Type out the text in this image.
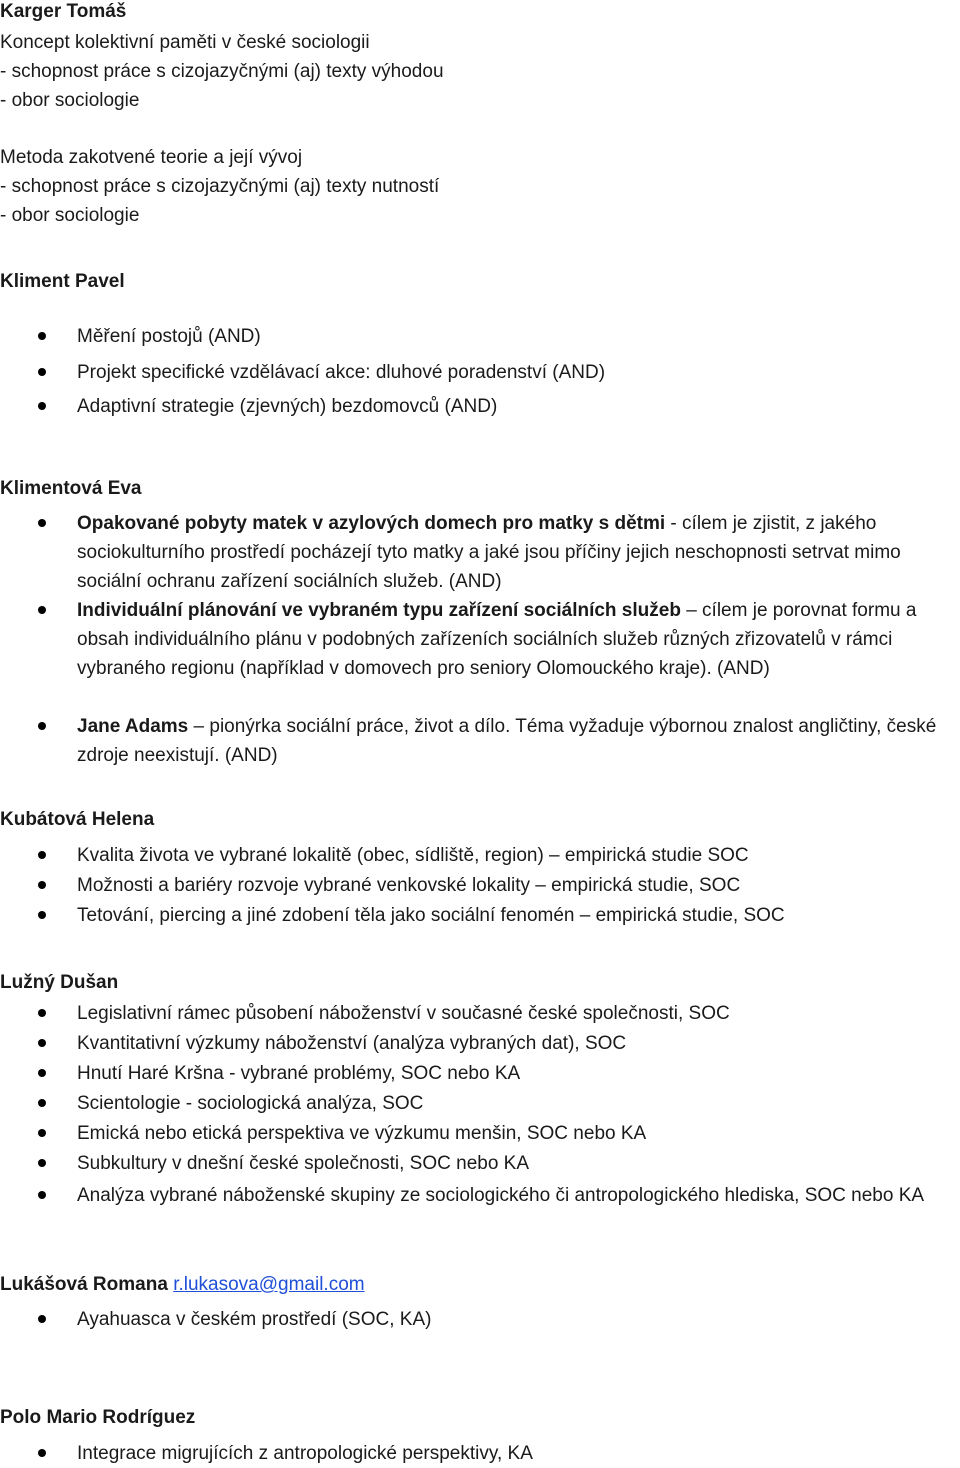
Karger Tomáš
Koncept kolektivní paměti v české sociologii
- schopnost práce s cizojazyčnými (aj) texty výhodou
- obor sociologie
Metoda zakotvené teorie a její vývoj
- schopnost práce s cizojazyčnými (aj) texty nutností
- obor sociologie
Kliment Pavel
Měření postojů (AND)
Projekt specifické vzdělávací akce: dluhové poradenství (AND)
Adaptivní strategie (zjevných) bezdomovců (AND)
Klimentová Eva
Opakované pobyty matek v azylových domech pro matky s dětmi - cílem je zjistit, z jakého sociokulturního prostředí pocházejí tyto matky a jaké jsou příčiny jejich neschopnosti setrvat mimo sociální ochranu zařízení sociálních služeb. (AND)
Individuální plánování ve vybraném typu zařízení sociálních služeb – cílem je porovnat formu a obsah individuálního plánu v podobných zařízeních sociálních služeb různých zřizovatelů v rámci vybraného regionu (například v domovech pro seniory Olomouckého kraje). (AND)
Jane Adams – pionýrka sociální práce, život a dílo. Téma vyžaduje výbornou znalost angličtiny, české zdroje neexistují. (AND)
Kubátová Helena
Kvalita života ve vybrané lokalitě (obec, sídliště, region) – empirická studie SOC
Možnosti a bariéry rozvoje vybrané venkovské lokality – empirická studie, SOC
Tetování, piercing a jiné zdobení těla jako sociální fenomén – empirická studie, SOC
Lužný Dušan
Legislativní rámec působení náboženství v současné české společnosti, SOC
Kvantitativní výzkumy náboženství (analýza vybraných dat), SOC
Hnutí Haré Kršna - vybrané problémy, SOC nebo KA
Scientologie - sociologická analýza, SOC
Emická nebo etická perspektiva ve výzkumu menšin, SOC nebo KA
Subkultury v dnešní české společnosti, SOC nebo KA
Analýza vybrané náboženské skupiny ze sociologického či antropologického hlediska, SOC nebo KA
Lukášová Romana r.lukasova@gmail.com
Ayahuasca v českém prostředí (SOC, KA)
Polo Mario Rodríguez
Integrace migrujících z antropologické perspektivy, KA
